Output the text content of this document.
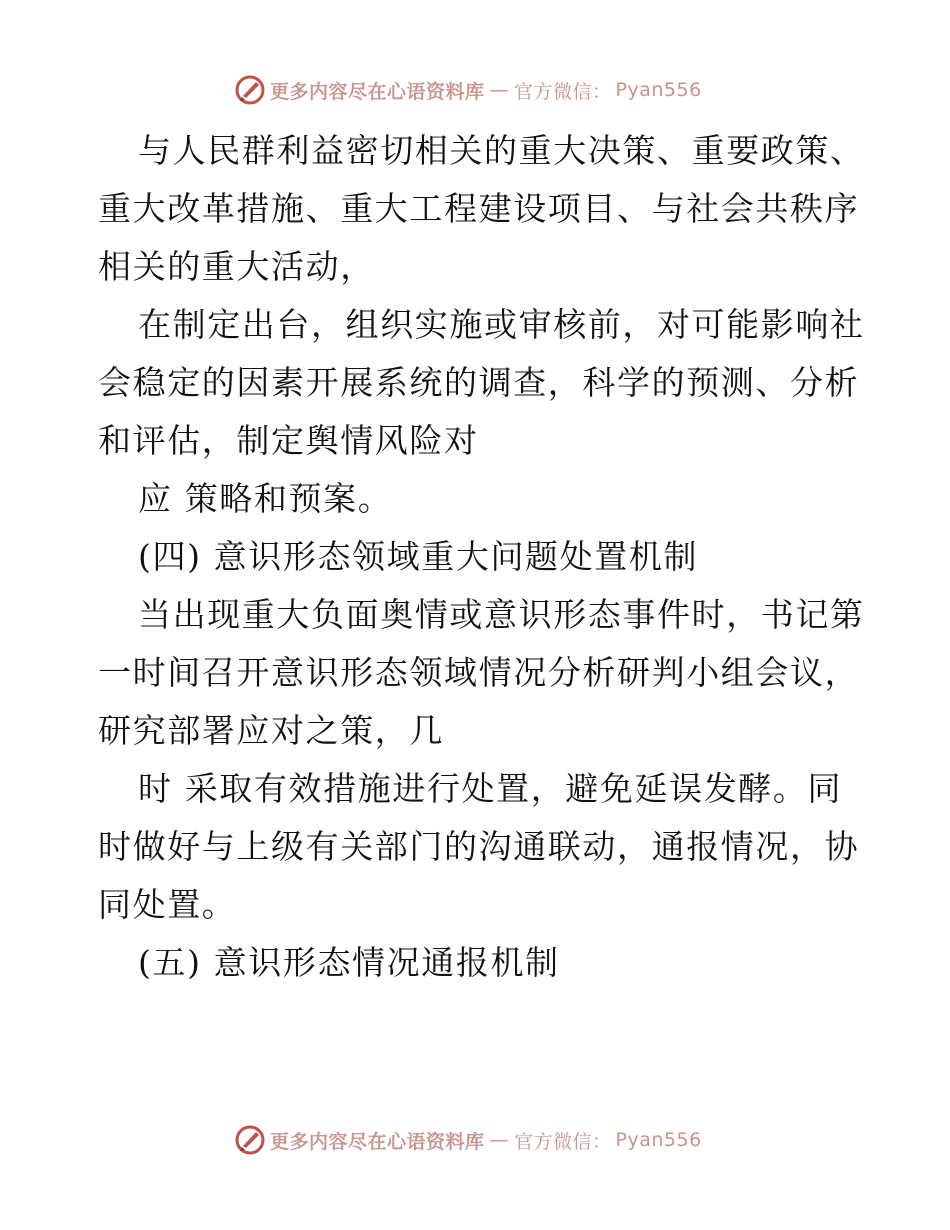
更多内容尽在心语资料库 — 官方微信： Pyan556
与人民群利益密切相关的重大决策、重要政策、
重大改革措施、重大工程建设项目、与社会共秩序
相关的重大活动，
在制定出台，组织实施或审核前，对可能影响社
会稳定的因素开展系统的调查，科学的预测、分析
和评估，制定舆情风险对
应 策略和预案。
(四) 意识形态领域重大问题处置机制
当出现重大负面奥情或意识形态事件时，书记第
一时间召开意识形态领域情况分析研判小组会议，
研究部署应对之策，几
时 采取有效措施进行处置，避免延误发酵。同
时做好与上级有关部门的沟通联动，通报情况，协
同处置。
(五) 意识形态情况通报机制
更多内容尽在心语资料库 — 官方微信： Pyan556
